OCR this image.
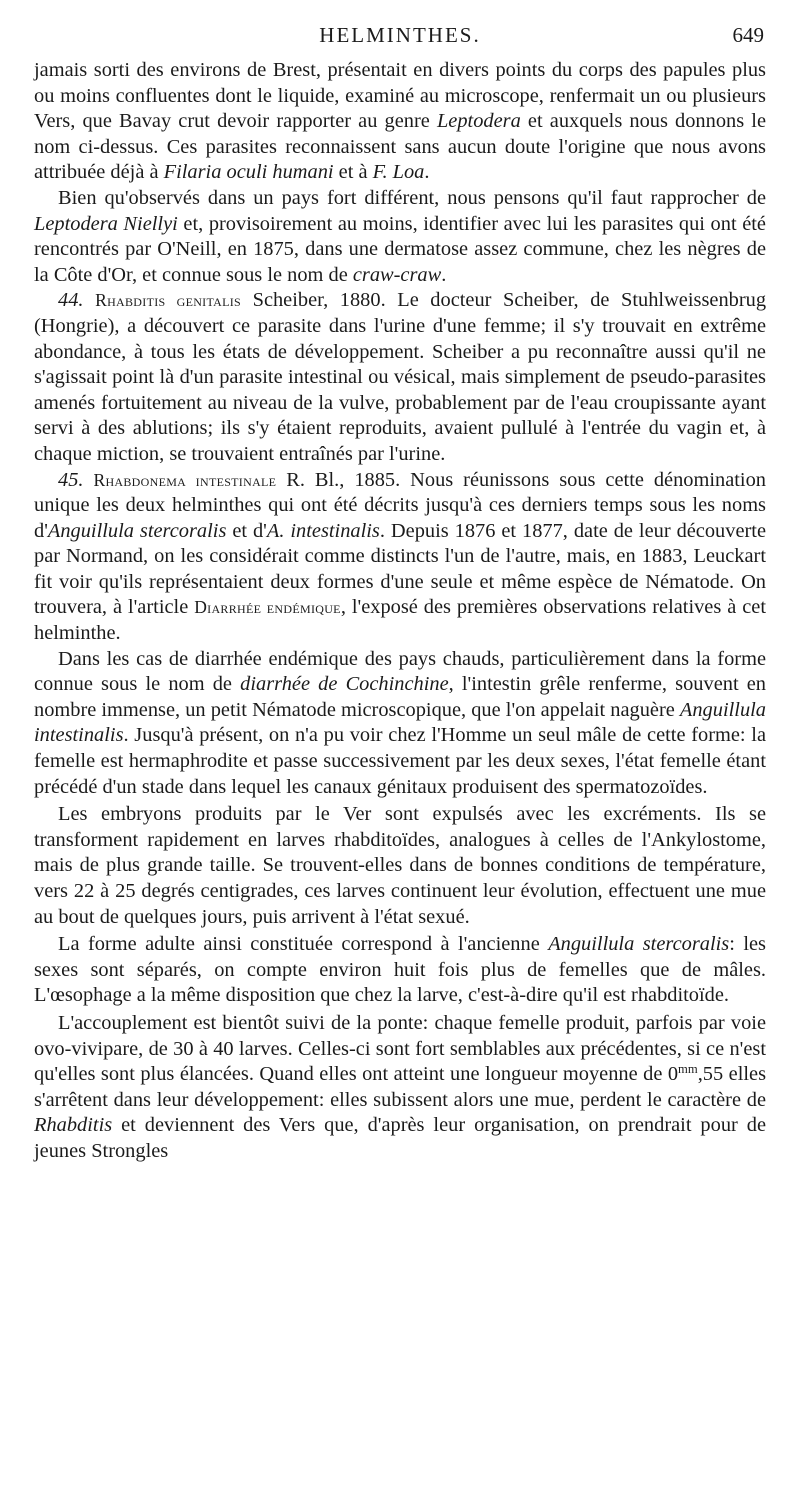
HELMINTHES.	649

jamais sorti des environs de Brest, présentait en divers points du corps des papules plus ou moins confluentes dont le liquide, examiné au microscope, renfermait un ou plusieurs Vers, que Bavay crut devoir rapporter au genre Leptodera et auxquels nous donnons le nom ci-dessus. Ces parasites reconnaissent sans aucun doute l'origine que nous avons attribuée déjà à Filaria oculi humani et à F. Loa.

Bien qu'observés dans un pays fort différent, nous pensons qu'il faut rapprocher de Leptodera Niellyi et, provisoirement au moins, identifier avec lui les parasites qui ont été rencontrés par O'Neill, en 1875, dans une dermatose assez commune, chez les nègres de la Côte d'Or, et connue sous le nom de craw-craw.

44. Rhabditis genitalis Scheiber, 1880. Le docteur Scheiber, de Stuhlweissenbrug (Hongrie), a découvert ce parasite dans l'urine d'une femme; il s'y trouvait en extrême abondance, à tous les états de développement. Scheiber a pu reconnaître aussi qu'il ne s'agissait point là d'un parasite intestinal ou vésical, mais simplement de pseudo-parasites amenés fortuitement au niveau de la vulve, probablement par de l'eau croupissante ayant servi à des ablutions; ils s'y étaient reproduits, avaient pullulé à l'entrée du vagin et, à chaque miction, se trouvaient entraînés par l'urine.

45. Rhabdonema intestinale R. Bl., 1885. Nous réunissons sous cette dénomination unique les deux helminthes qui ont été décrits jusqu'à ces derniers temps sous les noms d'Anguillula stercoralis et d'A. intestinalis. Depuis 1876 et 1877, date de leur découverte par Normand, on les considérait comme distincts l'un de l'autre, mais, en 1883, Leuckart fit voir qu'ils représentaient deux formes d'une seule et même espèce de Nématode. On trouvera, à l'article Diarrhée endémique, l'exposé des premières observations relatives à cet helminthe.

Dans les cas de diarrhée endémique des pays chauds, particulièrement dans la forme connue sous le nom de diarrhée de Cochinchine, l'intestin grêle renferme, souvent en nombre immense, un petit Nématode microscopique, que l'on appelait naguère Anguillula intestinalis. Jusqu'à présent, on n'a pu voir chez l'Homme un seul mâle de cette forme: la femelle est hermaphrodite et passe successivement par les deux sexes, l'état femelle étant précédé d'un stade dans lequel les canaux génitaux produisent des spermatozoïdes.

Les embryons produits par le Ver sont expulsés avec les excréments. Ils se transforment rapidement en larves rhabditoïdes, analogues à celles de l'Ankylostome, mais de plus grande taille. Se trouvent-elles dans de bonnes conditions de température, vers 22 à 25 degrés centigrades, ces larves continuent leur évolution, effectuent une mue au bout de quelques jours, puis arrivent à l'état sexué.

La forme adulte ainsi constituée correspond à l'ancienne Anguillula stercoralis: les sexes sont séparés, on compte environ huit fois plus de femelles que de mâles. L'œsophage a la même disposition que chez la larve, c'est-à-dire qu'il est rhabditoïde.

L'accouplement est bientôt suivi de la ponte: chaque femelle produit, parfois par voie ovo-vivipare, de 30 à 40 larves. Celles-ci sont fort semblables aux précédentes, si ce n'est qu'elles sont plus élancées. Quand elles ont atteint une longueur moyenne de $0^{mm},55$ elles s'arrêtent dans leur développement: elles subissent alors une mue, perdent le caractère de Rhabditis et deviennent des Vers que, d'après leur organisation, on prendrait pour de jeunes Strongles
